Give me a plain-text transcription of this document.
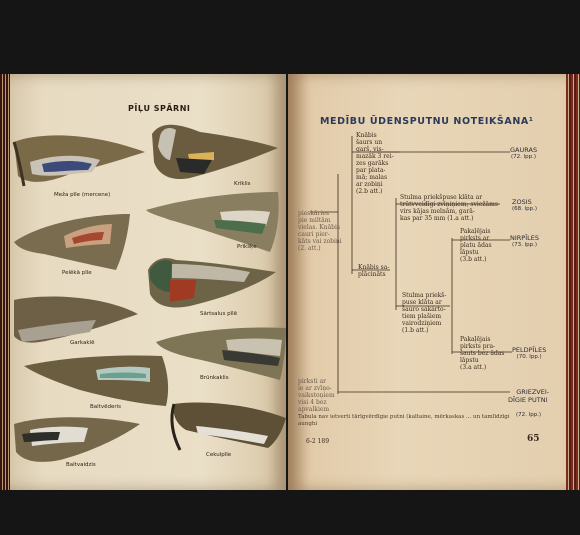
PĪĻU SPĀRNI
Meža pīle (mercene)
Krīklis
Pelēkā pīle
Prīkšķe
Garkaklē
Sārtsalus pīlē
Brūnkaklis
Baltvēderis
Baltvaidzis
Cekulpīle
MEDĪBU ŪDENSPUTNU NOTEIKŠANA¹
Knābis
šaurs un
garš, vis-
mazāk 3 rei-
zes garāks
par plata-
mā; malas
ar zobiņi
(2.b att.)
Stulma priekšpuse klāta ar
trūtvveidīgi zvīņiņiem; sviežāms
virs kājas melnām, garā-
kas par 35 mm (1.a att.)
Knābis sa-
plācināts
Stulma priekš-
puse klāta ar
šauro sakārto-
tiem plašiem
vairodziņiem
(1.b att.)
Pakaļējais
pirksts ar
platu ādas
lāpstu
(3.b att.)
Pakaļējais
pirksts pra-
šauts bez ādas
lāpstu
(3.a att.)
pieskāries
pie miltām
vielas. Knābis
cauri pier-
kāts vai zobiņi
(2. att.)
pirksti ar
ie ar zvīņo-
vaikstoņiem
visi 4 bez
apvalkiem
GAURAS
(72. lpp.)
ZOSIS
(68. lpp.)
NIRPĪLES
(73. lpp.)
PELDPĪLES
(70. lpp.)

GRIEZVEI-
DĪGIE PUTNI

(72. lpp.)

Tabula nav ietverti tārīgvērdīgie putni (kaltaine, mērkaskas ... un tamlīdzīgi aunghi
6-2 189	65
